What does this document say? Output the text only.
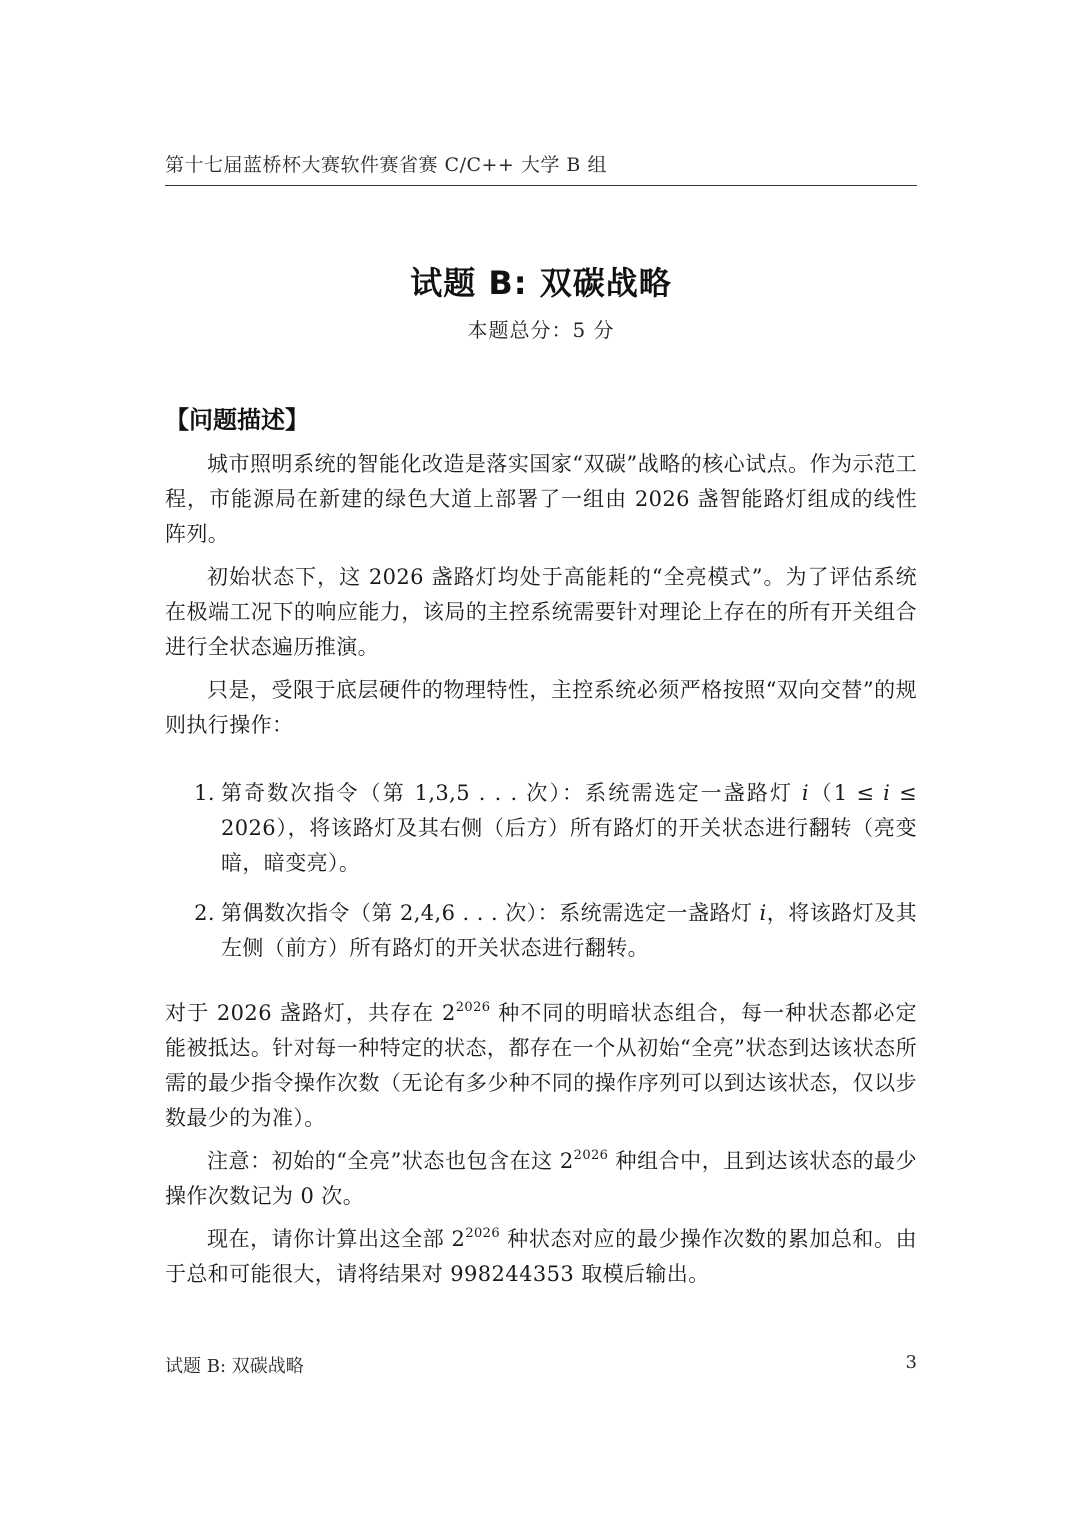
第十七届蓝桥杯大赛软件赛省赛 C/C++ 大学 B 组
试题 B: 双碳战略
本题总分：5 分
【问题描述】

城市照明系统的智能化改造是落实国家“双碳”战略的核心试点。作为示范工程，市能源局在新建的绿色大道上部署了一组由 2026 盏智能路灯组成的线性阵列。

初始状态下，这 2026 盏路灯均处于高能耗的“全亮模式”。为了评估系统在极端工况下的响应能力，该局的主控系统需要针对理论上存在的所有开关组合进行全状态遍历推演。

只是，受限于底层硬件的物理特性，主控系统必须严格按照“双向交替”的规则执行操作：

1. 第奇数次指令（第 1,3,5 . . . 次）：系统需选定一盏路灯 i（1 ≤ i ≤ 2026），将该路灯及其右侧（后方）所有路灯的开关状态进行翻转（亮变暗，暗变亮）。
2. 第偶数次指令（第 2,4,6 . . . 次）：系统需选定一盏路灯 i，将该路灯及其左侧（前方）所有路灯的开关状态进行翻转。

对于 2026 盏路灯，共存在 $2^{2026}$ 种不同的明暗状态组合，每一种状态都必定能被抵达。针对每一种特定的状态，都存在一个从初始“全亮”状态到达该状态所需的最少指令操作次数（无论有多少种不同的操作序列可以到达该状态，仅以步数最少的为准）。

注意：初始的“全亮”状态也包含在这 $2^{2026}$ 种组合中，且到达该状态的最少操作次数记为 0 次。

现在，请你计算出这全部 $2^{2026}$ 种状态对应的最少操作次数的累加总和。由于总和可能很大，请将结果对 998244353 取模后输出。

试题 B: 双碳战略	3
